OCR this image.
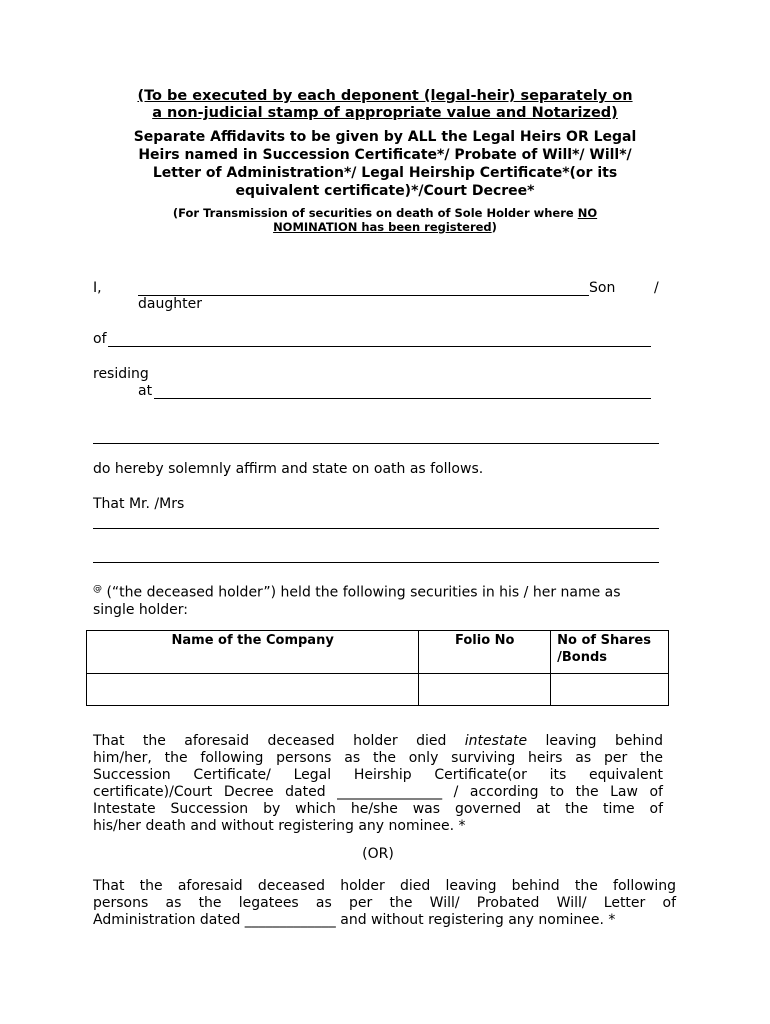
(To be executed by each deponent (legal-heir) separately on
a non-judicial stamp of appropriate value and Notarized)
Separate Affidavits to be given by ALL the Legal Heirs OR Legal
Heirs named in Succession Certificate*/ Probate of Will*/ Will*/
Letter of Administration*/ Legal Heirship Certificate*(or its
equivalent certificate)*/Court Decree*
(For Transmission of securities on death of Sole Holder where NO
NOMINATION has been registered)
I,	Son	/
daughter
of
residing
at
do hereby solemnly affirm and state on oath as follows.
That Mr. /Mrs
@ (“the deceased holder”) held the following securities in his / her name as
single holder:
Name of the Company	Folio No	No of Shares /Bonds

That the aforesaid deceased holder died intestate leaving behind
him/her, the following persons as the only surviving heirs as per the
Succession Certificate/ Legal Heirship Certificate(or its equivalent
certificate)/Court Decree dated _______________ / according to the Law of
Intestate Succession by which he/she was governed at the time of
his/her death and without registering any nominee. *
(OR)
That the aforesaid deceased holder died leaving behind the following
persons as the legatees as per the Will/ Probated Will/ Letter of
Administration dated _____________ and without registering any nominee. *
